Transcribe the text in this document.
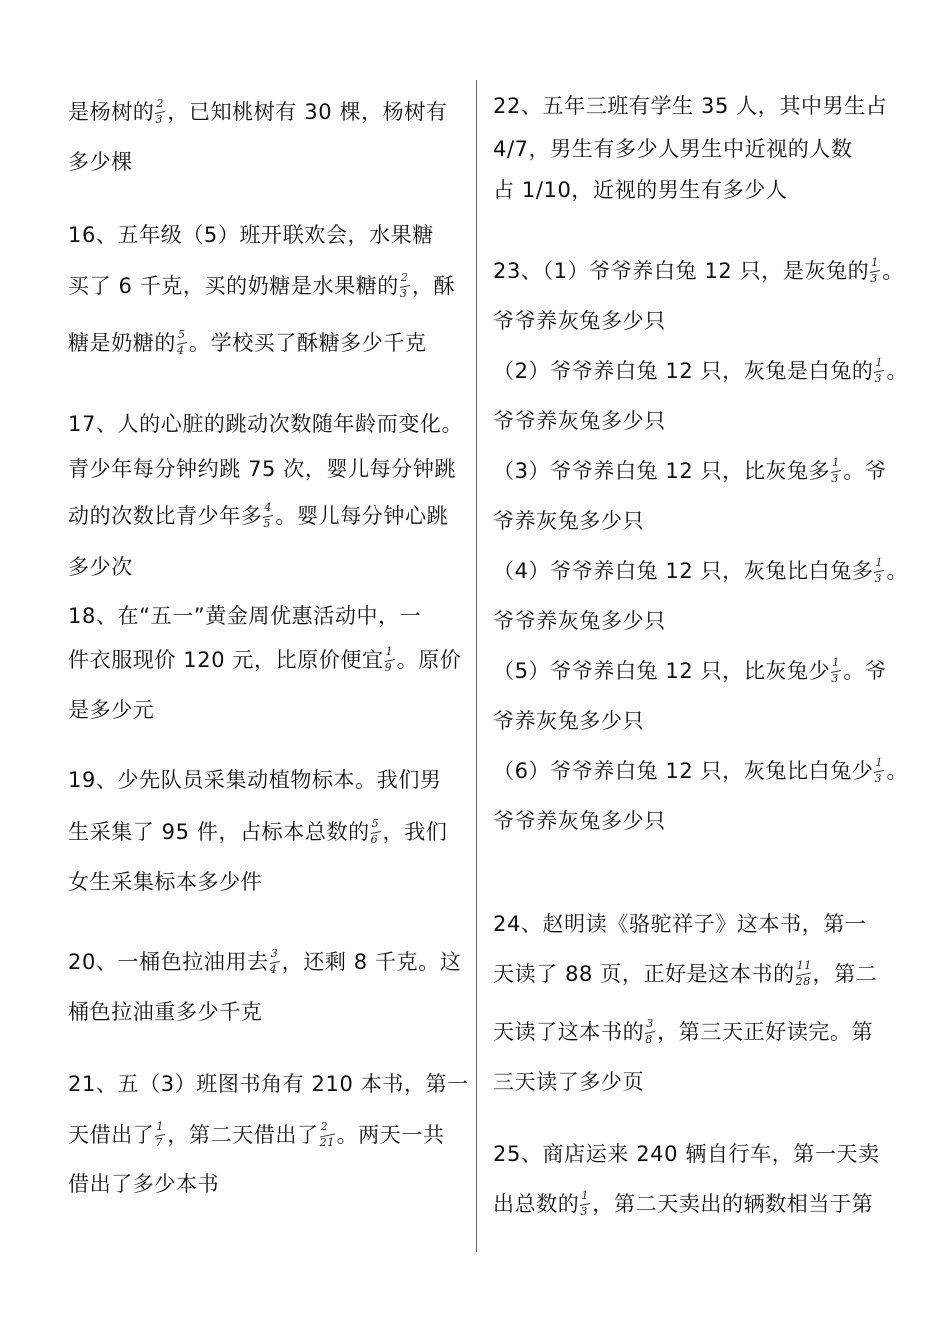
是杨树的 $\frac{2}{3}$ ，已知桃树有 30 棵，杨树有
多少棵
16、五年级（5）班开联欢会，水果糖
买了 6 千克，买的奶糖是水果糖的 $\frac{2}{3}$ ，酥
糖是奶糖的 $\frac{5}{4}$ 。学校买了酥糖多少千克
17、人的心脏的跳动次数随年龄而变化。
青少年每分钟约跳 75 次，婴儿每分钟跳
动的次数比青少年多 $\frac{4}{5}$ 。婴儿每分钟心跳
多少次
18、在“五一”黄金周优惠活动中，一
件衣服现价 120 元，比原价便宜 $\frac{1}{9}$ 。原价
是多少元
19、少先队员采集动植物标本。我们男
生采集了 95 件，占标本总数的 $\frac{5}{6}$ ，我们
女生采集标本多少件
20、一桶色拉油用去 $\frac{3}{4}$ ，还剩 8 千克。这
桶色拉油重多少千克
21、五（3）班图书角有 210 本书，第一
天借出了 $\frac{1}{7}$ ，第二天借出了 2
21 。两天一共
借出了多少本书
22、五年三班有学生 35 人，其中男生占
4/7，男生有多少人男生中近视的人数
占 1/10，近视的男生有多少人
23、（1）爷爷养白兔 12 只，是灰兔的 $\frac{1}{3}$ 。
爷爷养灰兔多少只
（2）爷爷养白兔 12 只，灰兔是白兔的 $\frac{1}{3}$ 。
爷爷养灰兔多少只
（3）爷爷养白兔 12 只，比灰兔多 $\frac{1}{3}$ 。爷
爷养灰兔多少只
（4）爷爷养白兔 12 只，灰兔比白兔多 $\frac{1}{3}$ 。
爷爷养灰兔多少只
（5）爷爷养白兔 12 只，比灰兔少 $\frac{1}{3}$ 。爷
爷养灰兔多少只
（6）爷爷养白兔 12 只，灰兔比白兔少 $\frac{1}{3}$ 。
爷爷养灰兔多少只
24、赵明读《骆驼祥子》这本书，第一
天读了 88 页，正好是这本书的 11
28 ，第二
天读了这本书的 $\frac{3}{8}$ ，第三天正好读完。第
三天读了多少页
25、商店运来 240 辆自行车，第一天卖
出总数的 $\frac{1}{3}$ ，第二天卖出的辆数相当于第
